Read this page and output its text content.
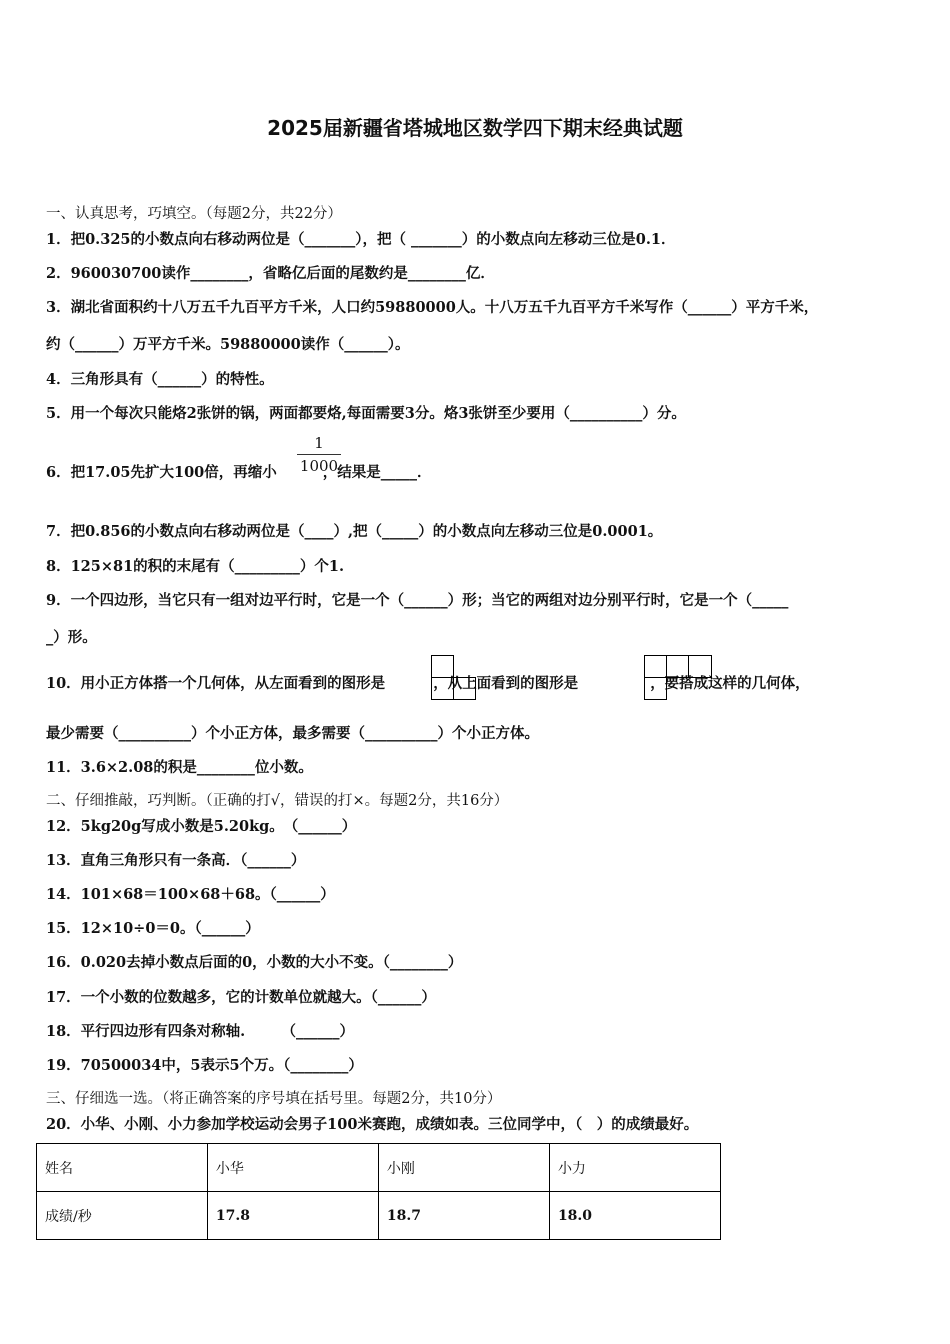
2025届新疆省塔城地区数学四下期末经典试题
一、认真思考，巧填空。（每题2分，共22分）
1．把0.325的小数点向右移动两位是（_______），把（ _______）的小数点向左移动三位是0.1．
2．960030700读作________，省略亿后面的尾数约是________亿．
3．湖北省面积约十八万五千九百平方千米，人口约59880000人。十八万五千九百平方千米写作（______）平方千米，
约（______）万平方千米。59880000读作（______）。
4．三角形具有（______）的特性。
5．用一个每次只能烙2张饼的锅，两面都要烙,每面需要3分。烙3张饼至少要用（__________）分。
6．把17.05先扩大100倍，再缩小	，结果是_____．
1
1000
7．把0.856的小数点向右移动两位是（____）,把（_____）的小数点向左移动三位是0.0001。
8．125×81的积的末尾有（_________）个1.
9．一个四边形，当它只有一组对边平行时，它是一个（______）形；当它的两组对边分别平行时，它是一个（_____
_）形。
10．用小正方体搭一个几何体，从左面看到的图形是	，从上面看到的图形是	，要搭成这样的几何体，
最少需要（__________）个小正方体，最多需要（__________）个小正方体。
11．3.6×2.08的积是________位小数。
二、仔细推敲，巧判断。（正确的打√，错误的打×。每题2分，共16分）
12．5kg20g写成小数是5.20kg。　（______）
13．直角三角形只有一条高．（______）
14．101×68＝100×68＋68。（______）
15．12×10÷0＝0。（______）
16．0.020去掉小数点后面的0，小数的大小不变。（________）
17．一个小数的位数越多，它的计数单位就越大。（______）
18．平行四边形有四条对称轴.　　　（______）
19．70500034中，5表示5个万。（________）
三、仔细选一选。（将正确答案的序号填在括号里。每题2分，共10分）
20．小华、小刚、小力参加学校运动会男子100米赛跑，成绩如表。三位同学中，（　）的成绩最好。
姓名	小华	小刚	小力
成绩/秒	17.8	18.7	18.0
